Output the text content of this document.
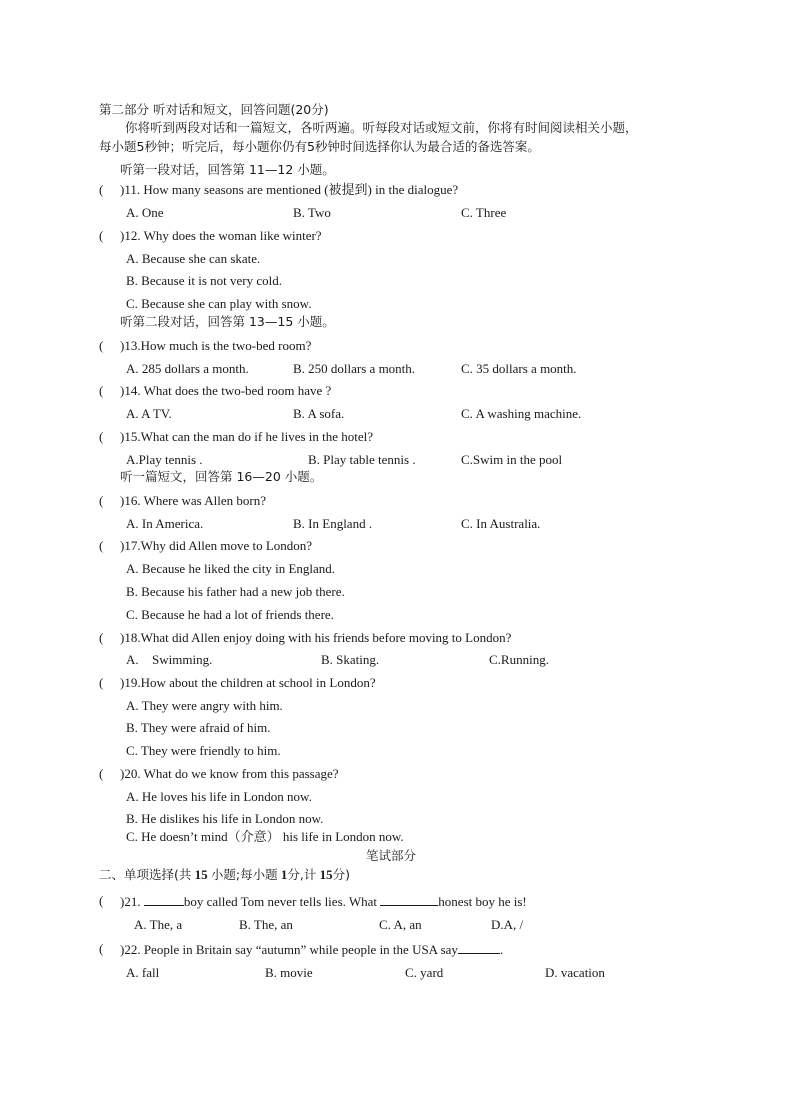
第二部分 听对话和短文，回答问题(20分)
你将听到两段对话和一篇短文，各听两遍。听每段对话或短文前，你将有时间阅读相关小题，
每小题5秒钟；听完后，每小题你仍有5秒钟时间选择你认为最合适的备选答案。
听第一段对话，回答第 11—12 小题。
( )11. How many seasons are mentioned (被提到) in the dialogue?
A. One	B. Two	C. Three
( )12. Why does the woman like winter?
A. Because she can skate.
B. Because it is not very cold.
C. Because she can play with snow.
听第二段对话，回答第 13—15 小题。
( )13.How much is the two-bed room?
A. 285 dollars a month.	B. 250 dollars a month.	C. 35 dollars a month.
( )14. What does the two-bed room have ?
A. A TV.	B. A sofa.	C. A washing machine.
( )15.What can the man do if he lives in the hotel?
A.Play tennis .	B. Play table tennis .	C.Swim in the pool
听一篇短文，回答第 16—20 小题。
( )16. Where was Allen born?
A. In America.	B. In England .	C. In Australia.
( )17.Why did Allen move to London?
A. Because he liked the city in England.
B. Because his father had a new job there.
C. Because he had a lot of friends there.
( )18.What did Allen enjoy doing with his friends before moving to London?
A. Swimming.	B. Skating.	C.Running.
( )19.How about the children at school in London?
A. They were angry with him.
B. They were afraid of him.
C. They were friendly to him.
( )20. What do we know from this passage?
A. He loves his life in London now.
B. He dislikes his life in London now.
C. He doesn’t mind（介意） his life in London now.
笔试部分
二、单项选择(共 15 小题;每小题 1分,计 15分)
( )21.	boy called Tom never tells lies. What	honest boy he is!
A. The, a	B. The, an	C. A, an	D.A, /
( )22. People in Britain say “autumn” while people in the USA say	.
A. fall	B. movie	C. yard	D. vacation
